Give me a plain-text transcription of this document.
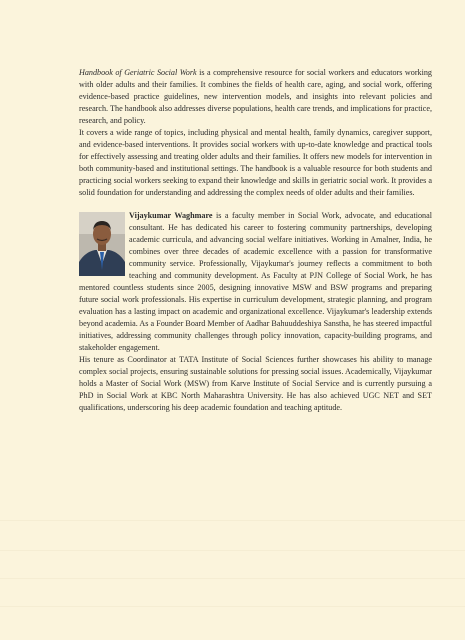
Handbook of Geriatric Social Work is a comprehensive resource for social workers and educators working with older adults and their families. It combines the fields of health care, aging, and social work, offering evidence-based practice guidelines, new intervention models, and insights into relevant policies and research. The handbook also addresses diverse populations, health care trends, and implications for practice, research, and policy.

It covers a wide range of topics, including physical and mental health, family dynamics, caregiver support, and evidence-based interventions. It provides social workers with up-to-date knowledge and practical tools for effectively assessing and treating older adults and their families. It offers new models for intervention in both community-based and institutional settings. The handbook is a valuable resource for both students and practicing social workers seeking to expand their knowledge and skills in geriatric social work. It provides a solid foundation for understanding and addressing the complex needs of older adults and their families.

Vijaykumar Waghmare is a faculty member in Social Work, advocate, and educational consultant. He has dedicated his career to fostering community partnerships, developing academic curricula, and advancing social welfare initiatives. Working in Amalner, India, he combines over three decades of academic excellence with a passion for transformative community service. Professionally, Vijaykumar's journey reflects a commitment to both teaching and community development. As Faculty at PJN College of Social Work, he has mentored countless students since 2005, designing innovative MSW and BSW programs and preparing future social work professionals. His expertise in curriculum development, strategic planning, and program evaluation has a lasting impact on academic and organizational excellence. Vijaykumar's leadership extends beyond academia. As a Founder Board Member of Aadhar Bahuuddeshiya Sanstha, he has steered impactful initiatives, addressing community challenges through policy innovation, capacity-building programs, and stakeholder engagement.

His tenure as Coordinator at TATA Institute of Social Sciences further showcases his ability to manage complex social projects, ensuring sustainable solutions for pressing social issues. Academically, Vijaykumar holds a Master of Social Work (MSW) from Karve Institute of Social Service and is currently pursuing a PhD in Social Work at KBC North Maharashtra University. He has also achieved UGC NET and SET qualifications, underscoring his deep academic foundation and teaching aptitude.
